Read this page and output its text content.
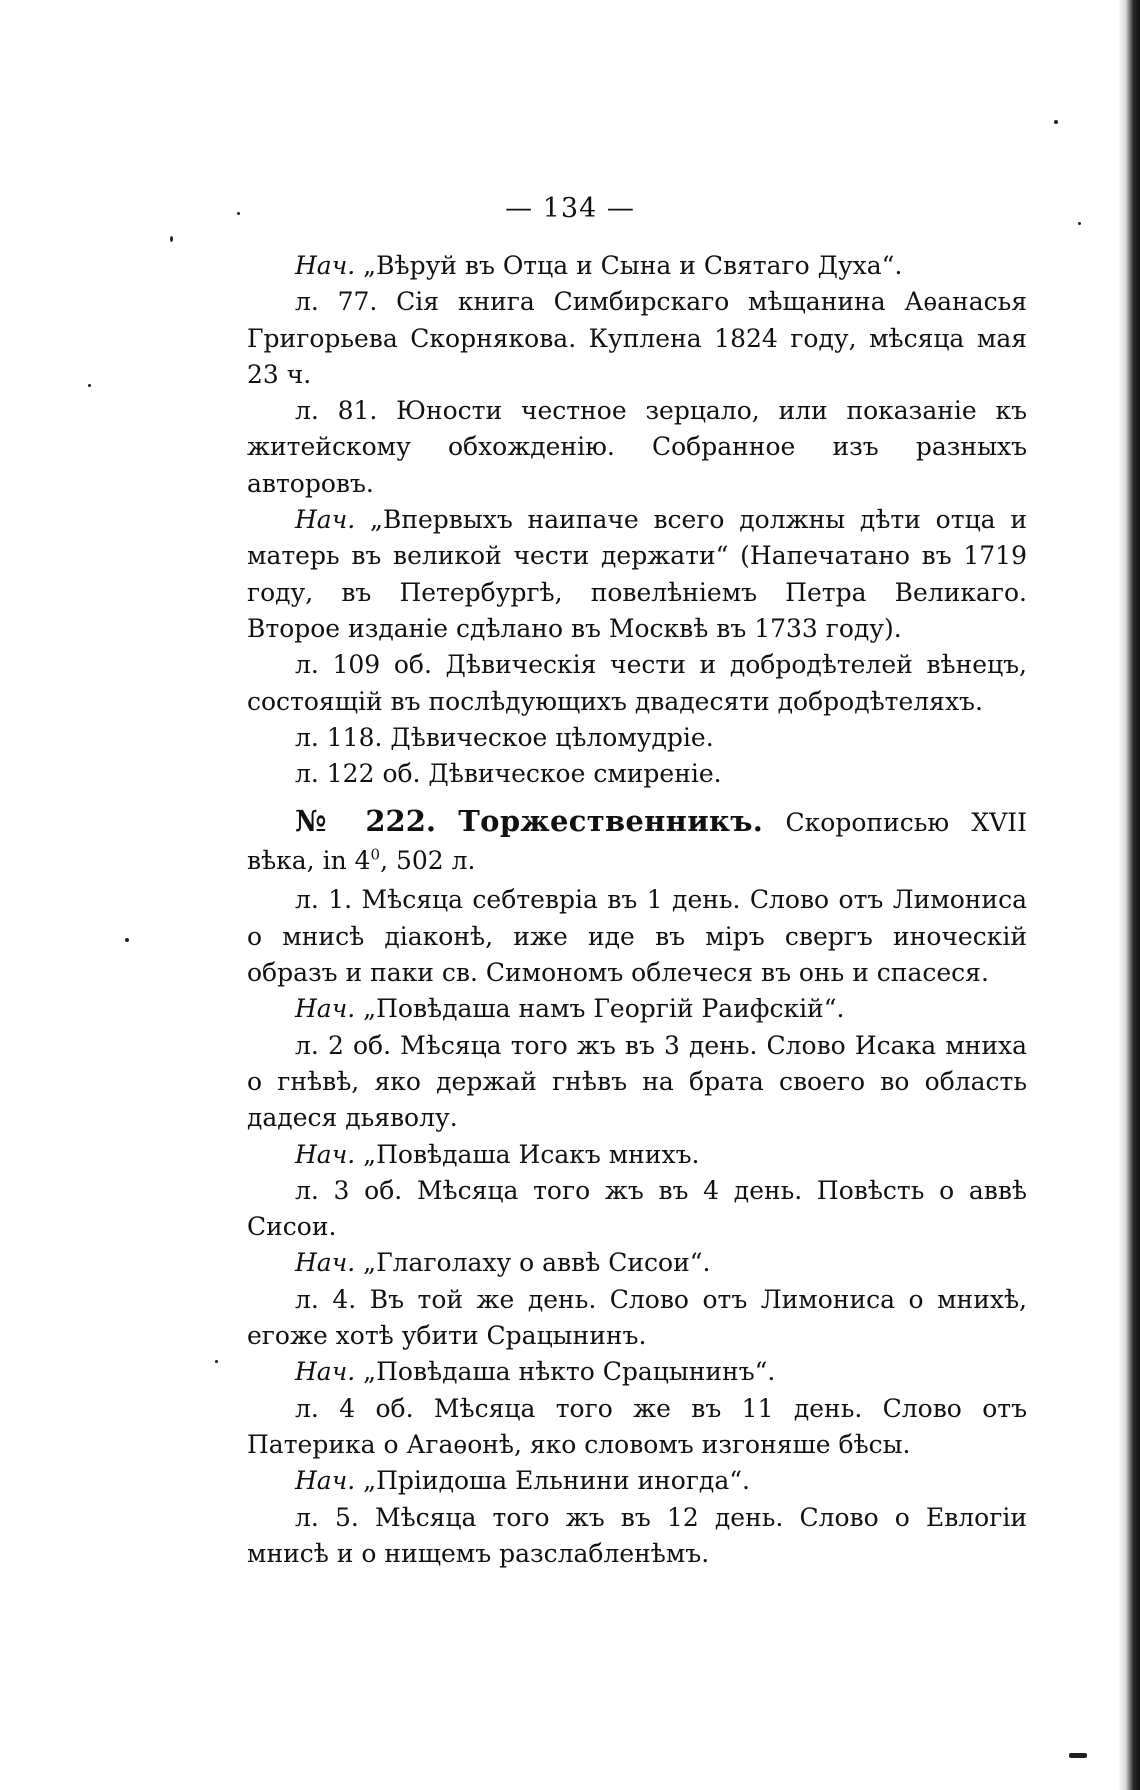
— 134 —

Нач. „Вѣруй въ Отца и Сына и Святаго Духа“.

л. 77. Сія книга Симбирскаго мѣщанина Аѳанасья Григорьева Скорнякова. Куплена 1824 году, мѣсяца мая 23 ч.

л. 81. Юности честное зерцало, или показаніе къ житейскому обхожденію. Собранное изъ разныхъ авторовъ.

Нач. „Впервыхъ наипаче всего должны дѣти отца и матерь въ великой чести держати“ (Напечатано въ 1719 году, въ Петербургѣ, повелѣніемъ Петра Великаго. Второе изданіе сдѣлано въ Москвѣ въ 1733 году).

л. 109 об. Дѣвическія чести и добродѣтелей вѣнецъ, состоящій въ послѣдующихъ двадесяти добродѣтеляхъ.

л. 118. Дѣвическое цѣломудріе.

л. 122 об. Дѣвическое смиреніе.

№ 222. Торжественникъ. Скорописью XVII вѣка, in $4^0$, 502 л.

л. 1. Мѣсяца себтевріа въ 1 день. Слово отъ Лимониса о мнисѣ діаконѣ, иже иде въ міръ свергъ иноческій образъ и паки св. Симономъ облечеся въ онь и спасеся.

Нач. „Повѣдаша намъ Георгій Раифскій“.

л. 2 об. Мѣсяца того жъ въ 3 день. Слово Исака мниха о гнѣвѣ, яко держай гнѣвъ на брата своего во область дадеся дьяволу.

Нач. „Повѣдаша Исакъ мнихъ.

л. 3 об. Мѣсяца того жъ въ 4 день. Повѣсть о аввѣ Сисои.

Нач. „Глаголаху о аввѣ Сисои“.

л. 4. Въ той же день. Слово отъ Лимониса о мнихѣ, егоже хотѣ убити Срацынинъ.

Нач. „Повѣдаша нѣкто Срацынинъ“.

л. 4 об. Мѣсяца того же въ 11 день. Слово отъ Патерика о Агаѳонѣ, яко словомъ изгоняше бѣсы.

Нач. „Пріидоша Ельнини иногда“.

л. 5. Мѣсяца того жъ въ 12 день. Слово о Евлогіи мнисѣ и о нищемъ разслабленѣмъ.
